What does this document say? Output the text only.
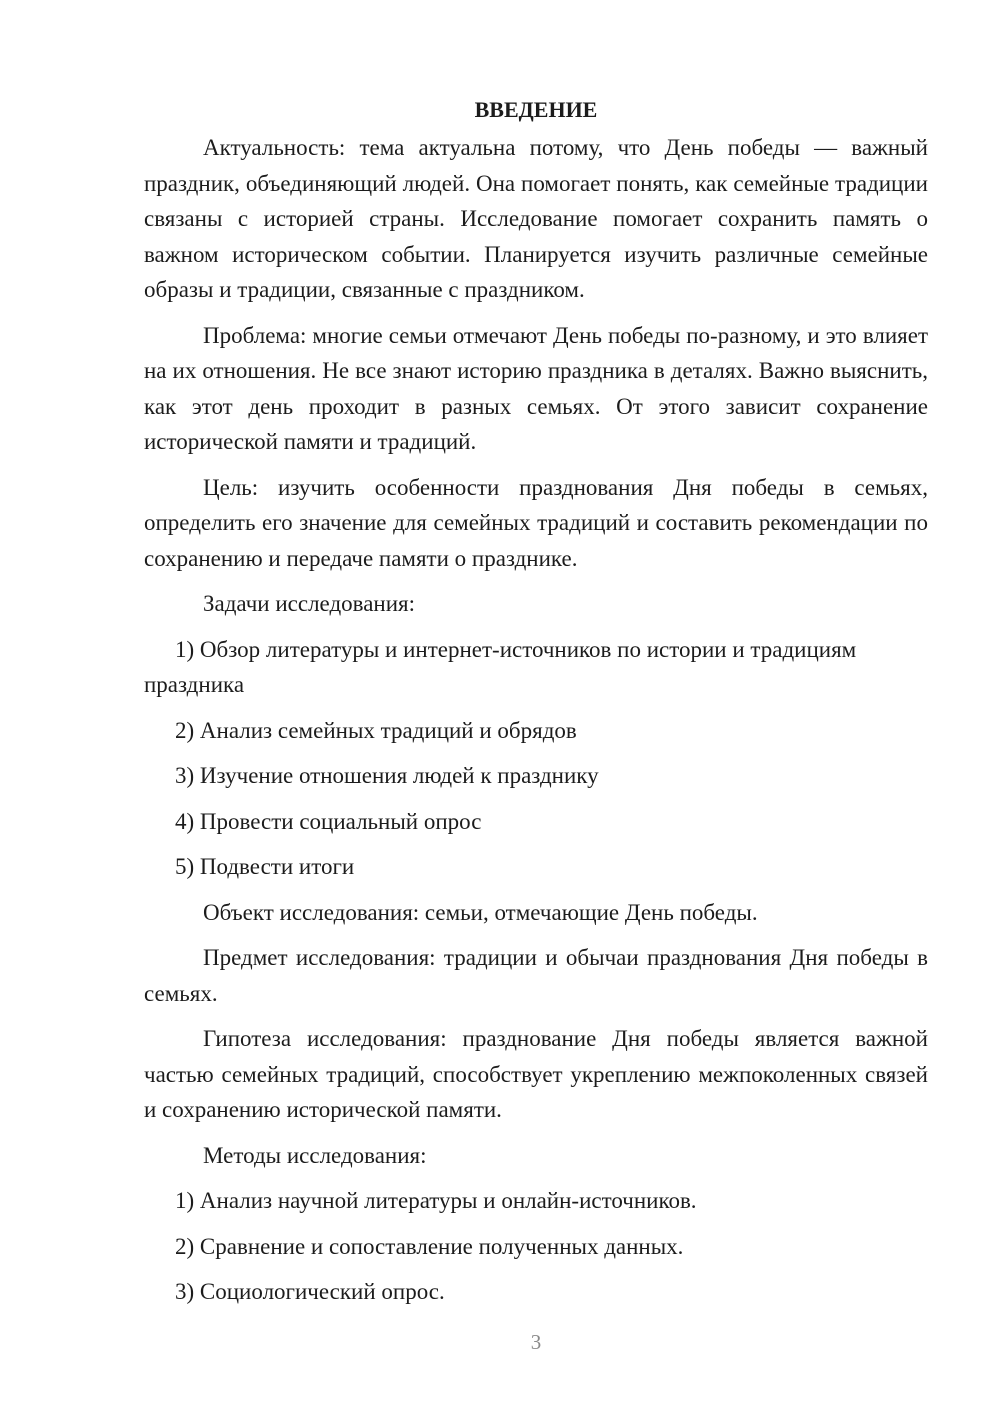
ВВЕДЕНИЕ

Актуальность: тема актуальна потому, что День победы — важный праздник, объединяющий людей. Она помогает понять, как семейные традиции связаны с историей страны. Исследование помогает сохранить память о важном историческом событии. Планируется изучить различные семейные образы и традиции, связанные с праздником.

Проблема: многие семьи отмечают День победы по-разному, и это влияет на их отношения. Не все знают историю праздника в деталях. Важно выяснить, как этот день проходит в разных семьях. От этого зависит сохранение исторической памяти и традиций.

Цель: изучить особенности празднования Дня победы в семьях, определить его значение для семейных традиций и составить рекомендации по сохранению и передаче памяти о празднике.

Задачи исследования:

1) Обзор литературы и интернет-источников по истории и традициям праздника

2) Анализ семейных традиций и обрядов

3) Изучение отношения людей к празднику

4) Провести социальный опрос

5) Подвести итоги

Объект исследования: семьи, отмечающие День победы.

Предмет исследования: традиции и обычаи празднования Дня победы в семьях.

Гипотеза исследования: празднование Дня победы является важной частью семейных традиций, способствует укреплению межпоколенных связей и сохранению исторической памяти.

Методы исследования:

1) Анализ научной литературы и онлайн-источников.

2) Сравнение и сопоставление полученных данных.

3) Социологический опрос.

3
